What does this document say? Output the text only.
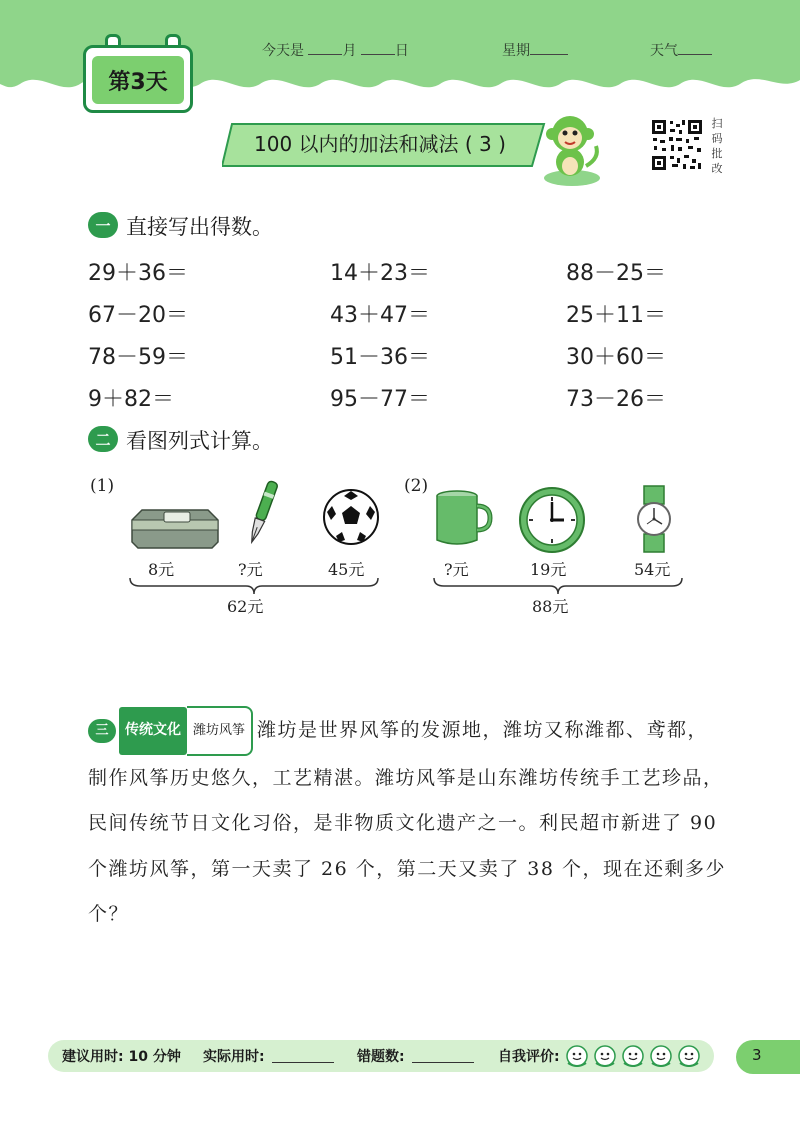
第3天
今天是	月	日	星期	天气
100 以内的加法和减法 ( 3 )
扫
码
批
改
一 直接写出得数。
29＋36＝	14＋23＝	88－25＝
67－20＝	43＋47＝	25＋11＝
78－59＝	51－36＝	30＋60＝
9＋82＝	95－77＝	73－26＝
二 看图列式计算。
(1)
8元	?元	45元
62元
(2)
?元	19元	54元
88元
三 传统文化 潍坊风筝 潍坊是世界风筝的发源地，潍坊又称潍都、鸢都，制作风筝历史悠久，工艺精湛。潍坊风筝是山东潍坊传统手工艺珍品，民间传统节日文化习俗，是非物质文化遗产之一。利民超市新进了 90 个潍坊风筝，第一天卖了 26 个，第二天又卖了 38 个，现在还剩多少个？
建议用时: 10 分钟 实际用时:	错题数:	自我评价:	3
